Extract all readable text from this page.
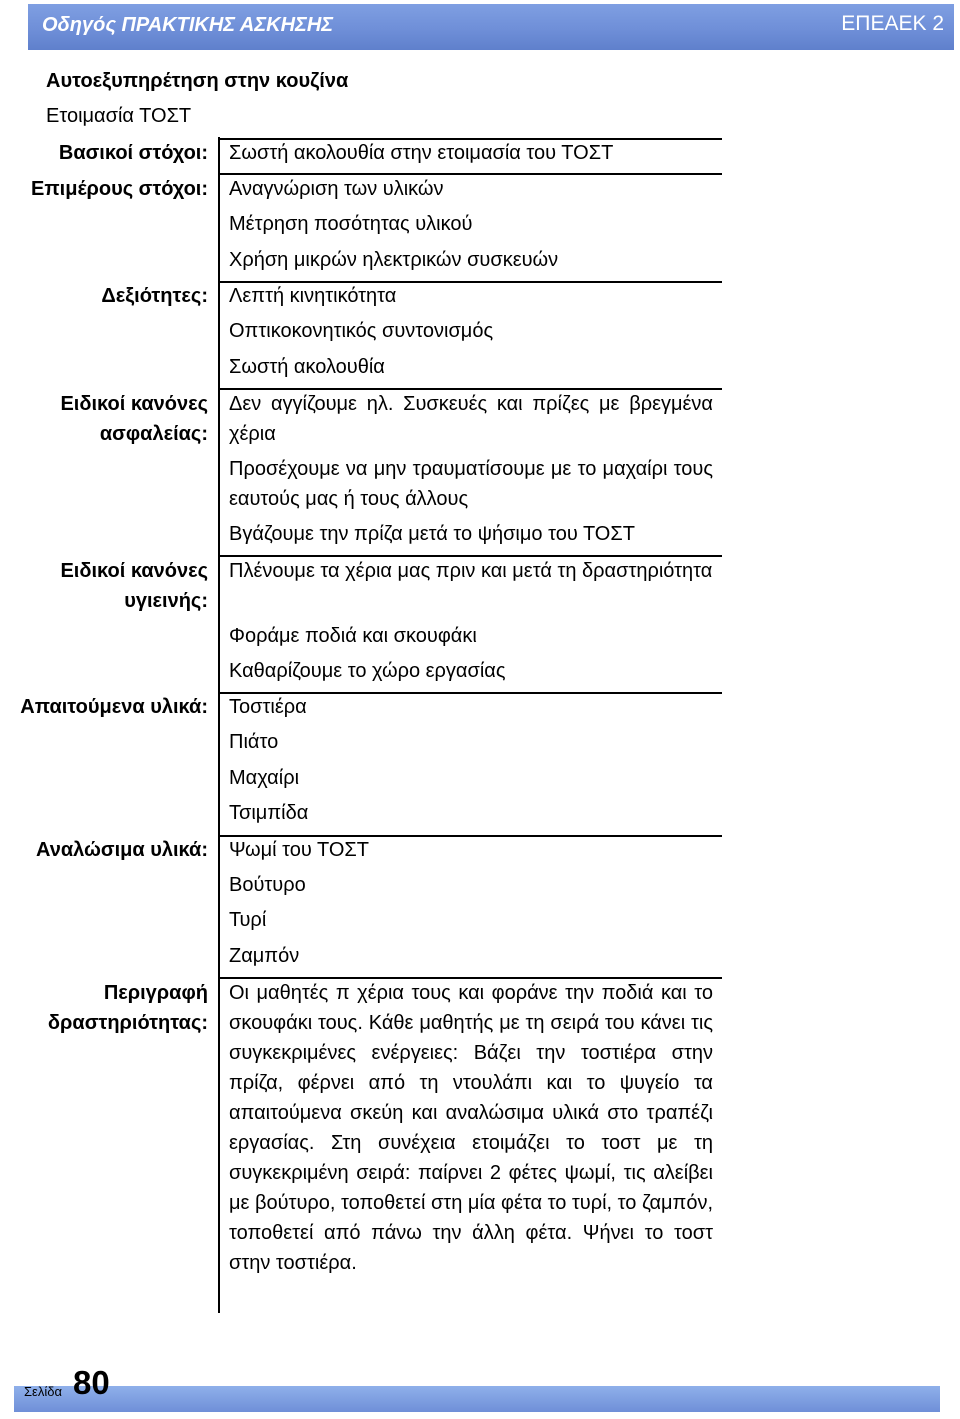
Οδηγός ΠΡΑΚΤΙΚΗΣ ΑΣΚΗΣΗΣ	ΕΠΕΑΕΚ 2
Αυτοεξυπηρέτηση στην κουζίνα
Ετοιμασία ΤΟΣΤ
Βασικοί στόχοι:
Επιμέρους στόχοι:
Δεξιότητες:
Ειδικοί κανόνες
ασφαλείας:
Ειδικοί κανόνες
υγιεινής:
Απαιτούμενα υλικά:
Αναλώσιμα υλικά:
Περιγραφή
δραστηριότητας:
Σωστή ακολουθία στην ετοιμασία του ΤΟΣΤ
Αναγνώριση των υλικών
Μέτρηση ποσότητας υλικού
Χρήση μικρών ηλεκτρικών συσκευών
Λεπτή κινητικότητα
Οπτικοκονητικός συντονισμός
Σωστή ακολουθία
Δεν αγγίζουμε ηλ. Συσκευές και πρίζες με βρεγμένα χέρια
Προσέχουμε να μην τραυματίσουμε με το μαχαίρι τους εαυτούς μας ή τους άλλους
Βγάζουμε την πρίζα μετά το ψήσιμο του ΤΟΣΤ
Πλένουμε τα χέρια μας πριν και μετά τη δραστηριότητα
Φοράμε ποδιά και σκουφάκι
Καθαρίζουμε το χώρο εργασίας
Τοστιέρα
Πιάτο
Μαχαίρι
Τσιμπίδα
Ψωμί του ΤΟΣΤ
Βούτυρο
Τυρί
Ζαμπόν
Οι μαθητές π χέρια τους και φοράνε την ποδιά και το σκουφάκι τους. Κάθε μαθητής με τη σειρά του κάνει τις συγκεκριμένες ενέργειες: Βάζει την τοστιέρα στην πρίζα, φέρνει από τη ντουλάπι και το ψυγείο τα απαιτούμενα σκεύη και αναλώσιμα υλικά στο τραπέζι εργασίας. Στη συνέχεια ετοιμάζει το τοστ με τη συγκεκριμένη σειρά: παίρνει 2 φέτες ψωμί, τις αλείβει με βούτυρο, τοποθετεί στη μία φέτα το τυρί, το ζαμπόν, τοποθετεί από πάνω την άλλη φέτα. Ψήνει το τοστ στην τοστιέρα.
Σελίδα 80
